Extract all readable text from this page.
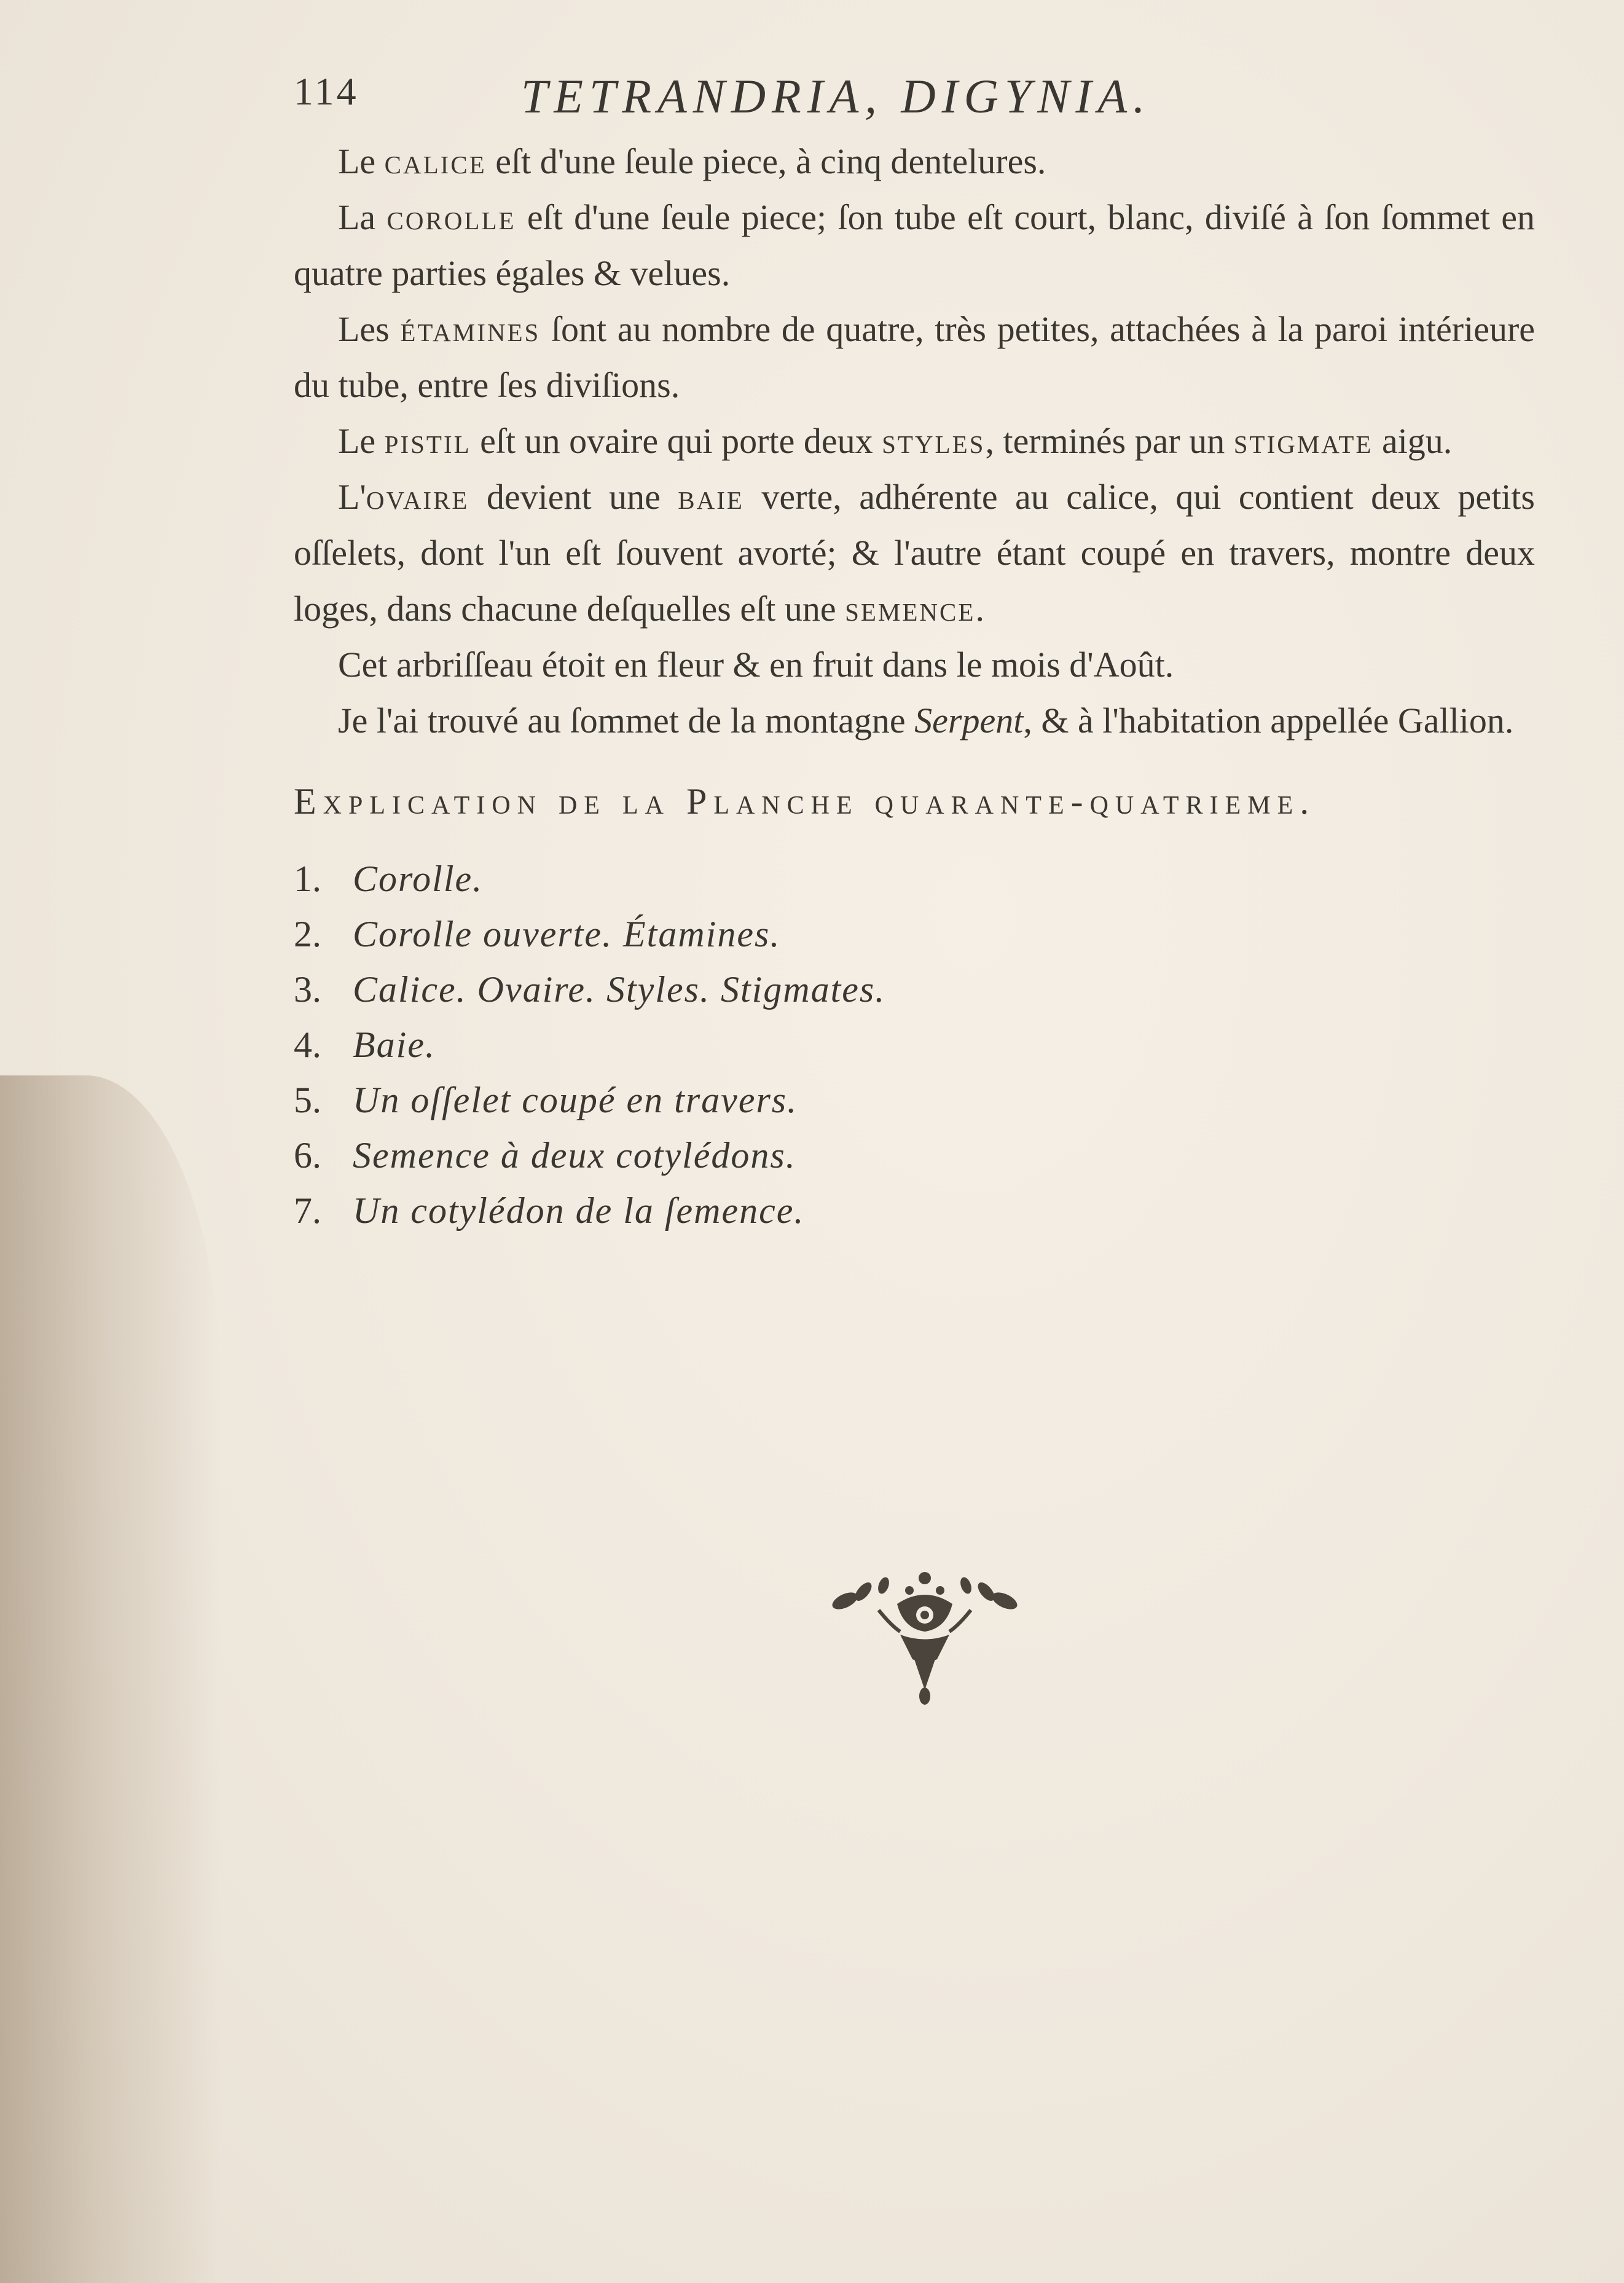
114	TETRANDRIA, DIGYNIA.

Le calice eſt d'une ſeule piece, à cinq dentelures.

La corolle eſt d'une ſeule piece; ſon tube eſt court, blanc, diviſé à ſon ſommet en quatre parties égales & velues.

Les étamines ſont au nombre de quatre, très petites, attachées à la paroi intérieure du tube, entre ſes diviſions.

Le pistil eſt un ovaire qui porte deux styles, terminés par un stigmate aigu.

L'ovaire devient une baie verte, adhérente au calice, qui contient deux petits oſſelets, dont l'un eſt ſouvent avorté; & l'autre étant coupé en travers, montre deux loges, dans chacune deſquelles eſt une semence.

Cet arbriſſeau étoit en fleur & en fruit dans le mois d'Août.

Je l'ai trouvé au ſommet de la montagne Serpent, & à l'habitation appellée Gallion.

Explication de la Planche quarante-quatrieme.
1. Corolle.
2. Corolle ouverte. Étamines.
3. Calice. Ovaire. Styles. Stigmates.
4. Baie.
5. Un oſſelet coupé en travers.
6. Semence à deux cotylédons.
7. Un cotylédon de la ſemence.
